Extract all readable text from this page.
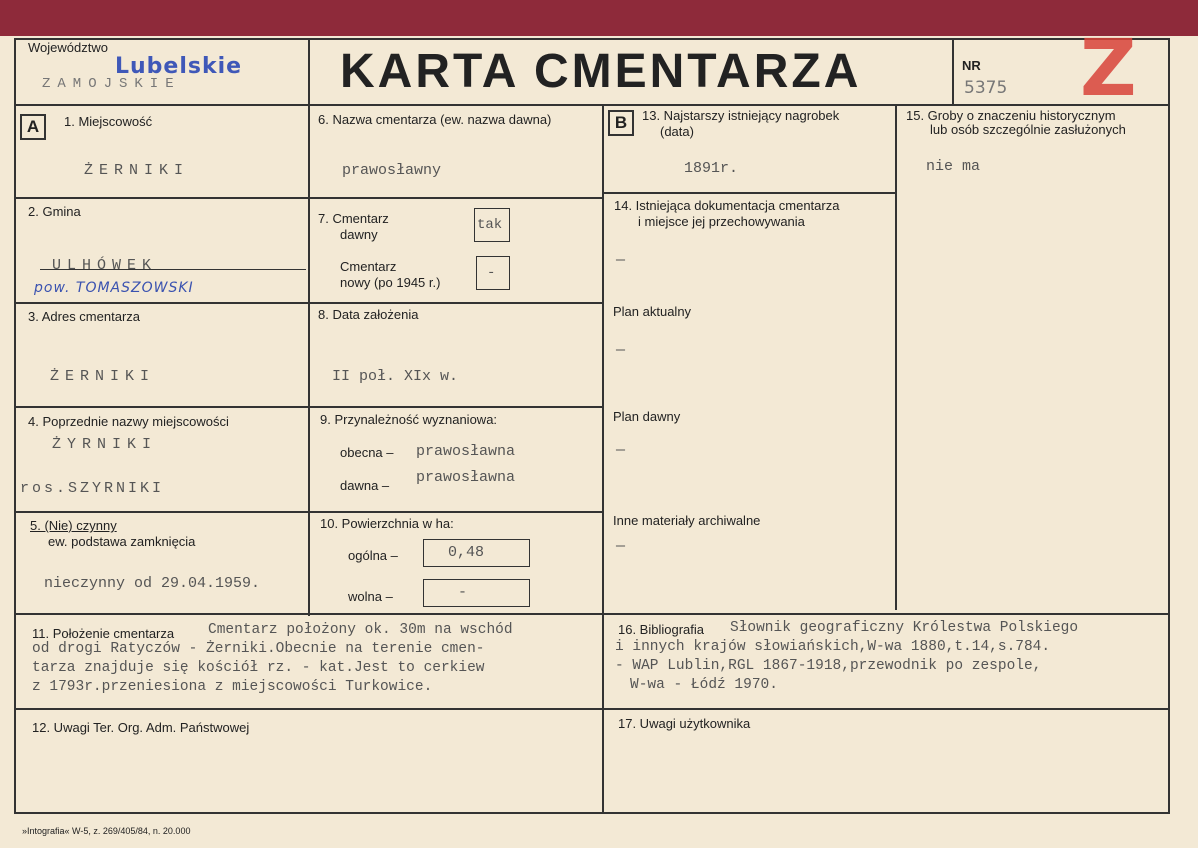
Województwo
Lubelskie
ZAMOJSKIE	KARTA CMENTARZA	NR
5375 Z
A	B
1. Miejscowość
ŻERNIKI
2. Gmina
ULHÓWEK
pow. TOMASZOWSKI
3. Adres cmentarza
ŻERNIKI
4. Poprzednie nazwy miejscowości
ŻYRNIKI
ros.SZYRNIKI
5. (Nie) czynny
ew. podstawa zamknięcia
nieczynny od 29.04.1959.
6. Nazwa cmentarza (ew. nazwa dawna)
prawosławny
7. Cmentarz
dawny
tak
Cmentarz
nowy (po 1945 r.)
-
8. Data założenia
II poł. XIx w.
9. Przynależność wyznaniowa:
obecna – prawosławna
dawna – prawosławna
10. Powierzchnia w ha:
ogólna –	0,48
wolna –	-
11. Położenie cmentarza Cmentarz położony ok. 30m na wschód
od drogi Ratyczów - Żerniki.Obecnie na terenie cmen-
tarza znajduje się kościół rz. - kat.Jest to cerkiew
z 1793r.przeniesiona z miejscowości Turkowice.
12. Uwagi Ter. Org. Adm. Państwowej
13. Najstarszy istniejący nagrobek
(data)
1891r.
14. Istniejąca dokumentacja cmentarza
i miejsce jej przechowywania
—
Plan aktualny
—
Plan dawny
—
Inne materiały archiwalne
—
15. Groby o znaczeniu historycznym
lub osób szczególnie zasłużonych
nie ma
16. Bibliografia Słownik geograficzny Królestwa Polskiego
i innych krajów słowiańskich,W-wa 1880,t.14,s.784.
- WAP Lublin,RGL 1867-1918,przewodnik po zespole,
W-wa - Łódź 1970.
17. Uwagi użytkownika
»Intografia« W-5, z. 269/405/84, n. 20.000
